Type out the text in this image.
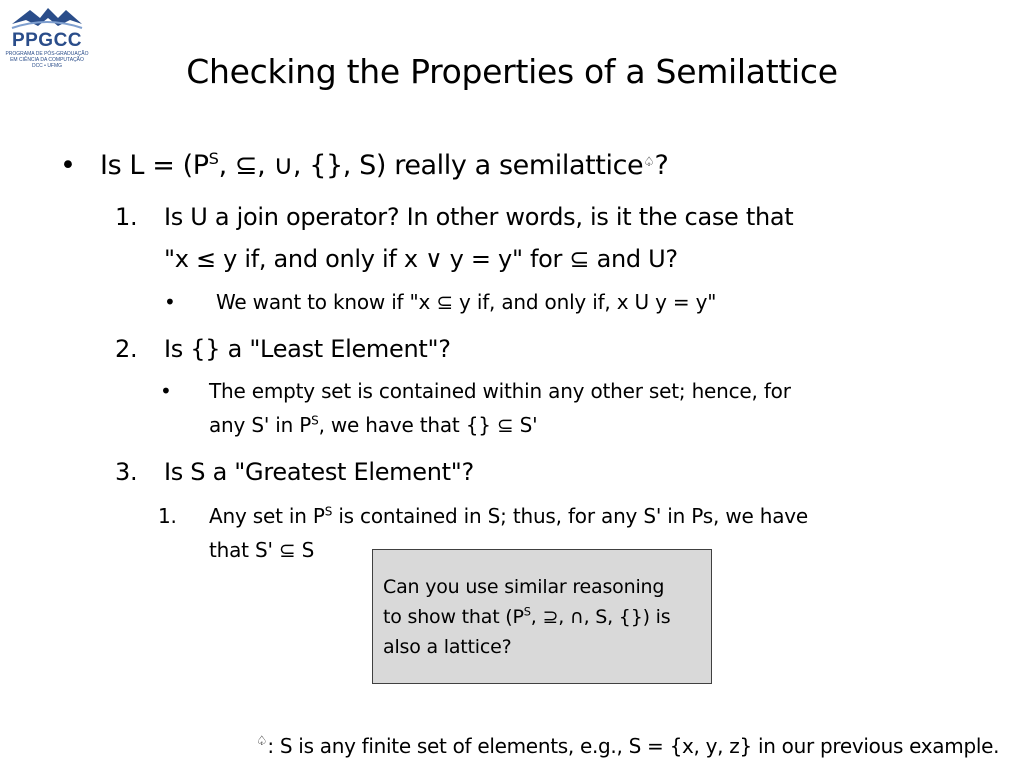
PPGCC
PROGRAMA DE PÓS-GRADUAÇÃO
EM CIÊNCIA DA COMPUTAÇÃO
DCC • UFMG	Checking the Properties of a Semilattice
• Is $L = (P^S$, ⊆, ∪, {}, S) really a semilattice♤?
1. Is U a join operator? In other words, is it the case that
"x ≤ y if, and only if x ∨ y = y" for ⊆ and U?
• We want to know if "x ⊆ y if, and only if, x U y = y"
2. Is {} a "Least Element"?
• The empty set is contained within any other set; hence, for
any S' in $P^S$, we have that {} ⊆ S'
3. Is S a "Greatest Element"?
1. Any set in $P^S$ is contained in S; thus, for any S' in Ps, we have
that S' ⊆ S
Can you use similar reasoning
to show that ($P^S$, ⊇, ∩, S, {}) is
also a lattice?
♤: S is any finite set of elements, e.g., S = {x, y, z} in our previous example.
